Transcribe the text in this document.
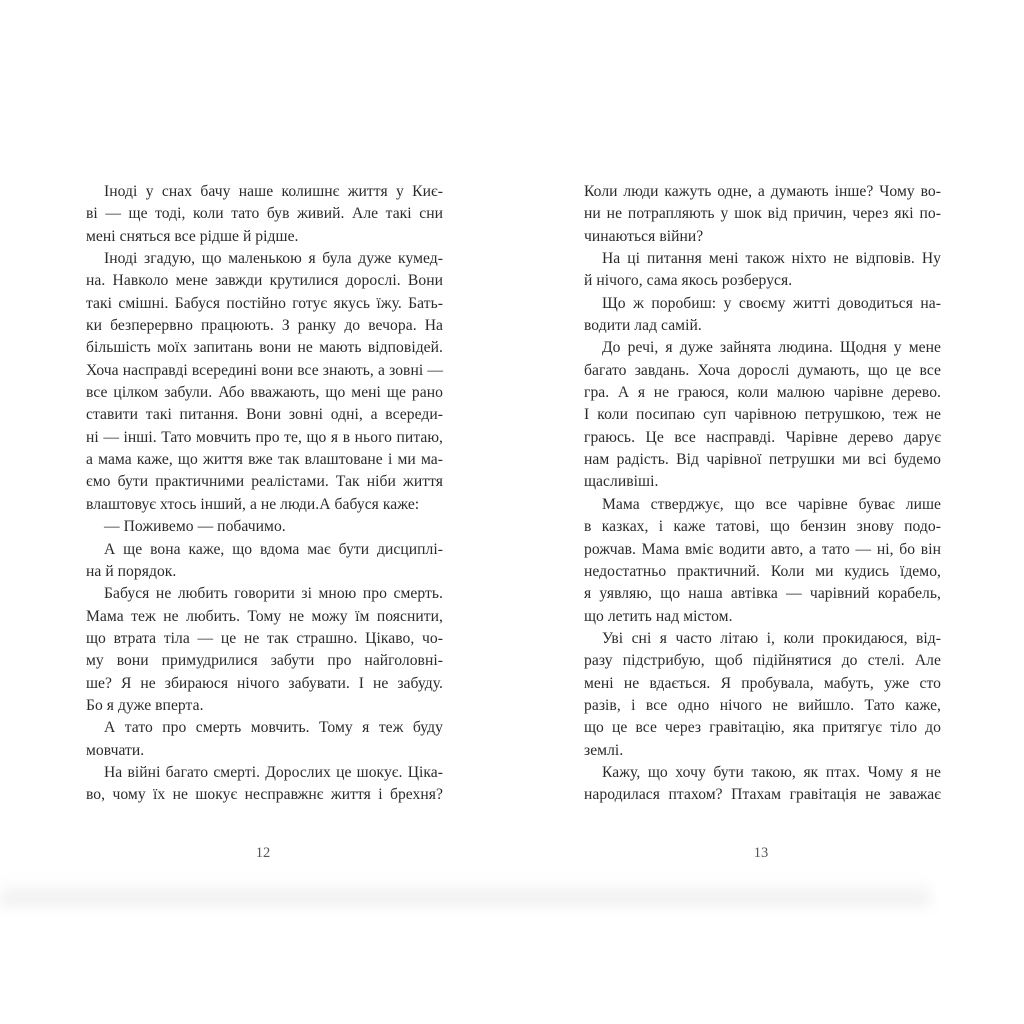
Іноді у снах бачу наше колишнє життя у Киє-
ві — ще тоді, коли тато був живий. Але такі сни
мені сняться все рідше й рідше.
Іноді згадую, що маленькою я була дуже кумед-
на. Навколо мене завжди крутилися дорослі. Вони
такі смішні. Бабуся постійно готує якусь їжу. Бать-
ки безперервно працюють. З ранку до вечора. На
більшість моїх запитань вони не мають відповідей.
Хоча насправді всередині вони все знають, а зовні —
все цілком забули. Або вважають, що мені ще рано
ставити такі питання. Вони зовні одні, а всереди-
ні — інші. Тато мовчить про те, що я в нього питаю,
а мама каже, що життя вже так влаштоване і ми ма-
ємо бути практичними реалістами. Так ніби життя
влаштовує хтось інший, а не люди.А бабуся каже:
— Поживемо — побачимо.
А ще вона каже, що вдома має бути дисциплі-
на й порядок.
Бабуся не любить говорити зі мною про смерть.
Мама теж не любить. Тому не можу їм пояснити,
що втрата тіла — це не так страшно. Цікаво, чо-
му вони примудрилися забути про найголовні-
ше? Я не збираюся нічого забувати. І не забуду.
Бо я дуже вперта.
А тато про смерть мовчить. Тому я теж буду
мовчати.
На війні багато смерті. Дорослих це шокує. Ціка-
во, чому їх не шокує несправжнє життя і брехня?
12
Коли люди кажуть одне, а думають інше? Чому во-
ни не потрапляють у шок від причин, через які по-
чинаються війни?
На ці питання мені також ніхто не відповів. Ну
й нічого, сама якось розберуся.
Що ж поробиш: у своєму житті доводиться на-
водити лад самій.
До речі, я дуже зайнята людина. Щодня у мене
багато завдань. Хоча дорослі думають, що це все
гра. А я не граюся, коли малюю чарівне дерево.
І коли посипаю суп чарівною петрушкою, теж не
граюсь. Це все насправді. Чарівне дерево дарує
нам радість. Від чарівної петрушки ми всі будемо
щасливіші.
Мама стверджує, що все чарівне буває лише
в казках, і каже татові, що бензин знову подо-
рожчав. Мама вміє водити авто, а тато — ні, бо він
недостатньо практичний. Коли ми кудись їдемо,
я уявляю, що наша автівка — чарівний корабель,
що летить над містом.
Уві сні я часто літаю і, коли прокидаюся, від-
разу підстрибую, щоб підійнятися до стелі. Але
мені не вдається. Я пробувала, мабуть, уже сто
разів, і все одно нічого не вийшло. Тато каже,
що це все через гравітацію, яка притягує тіло до
землі.
Кажу, що хочу бути такою, як птах. Чому я не
народилася птахом? Птахам гравітація не заважає
13
